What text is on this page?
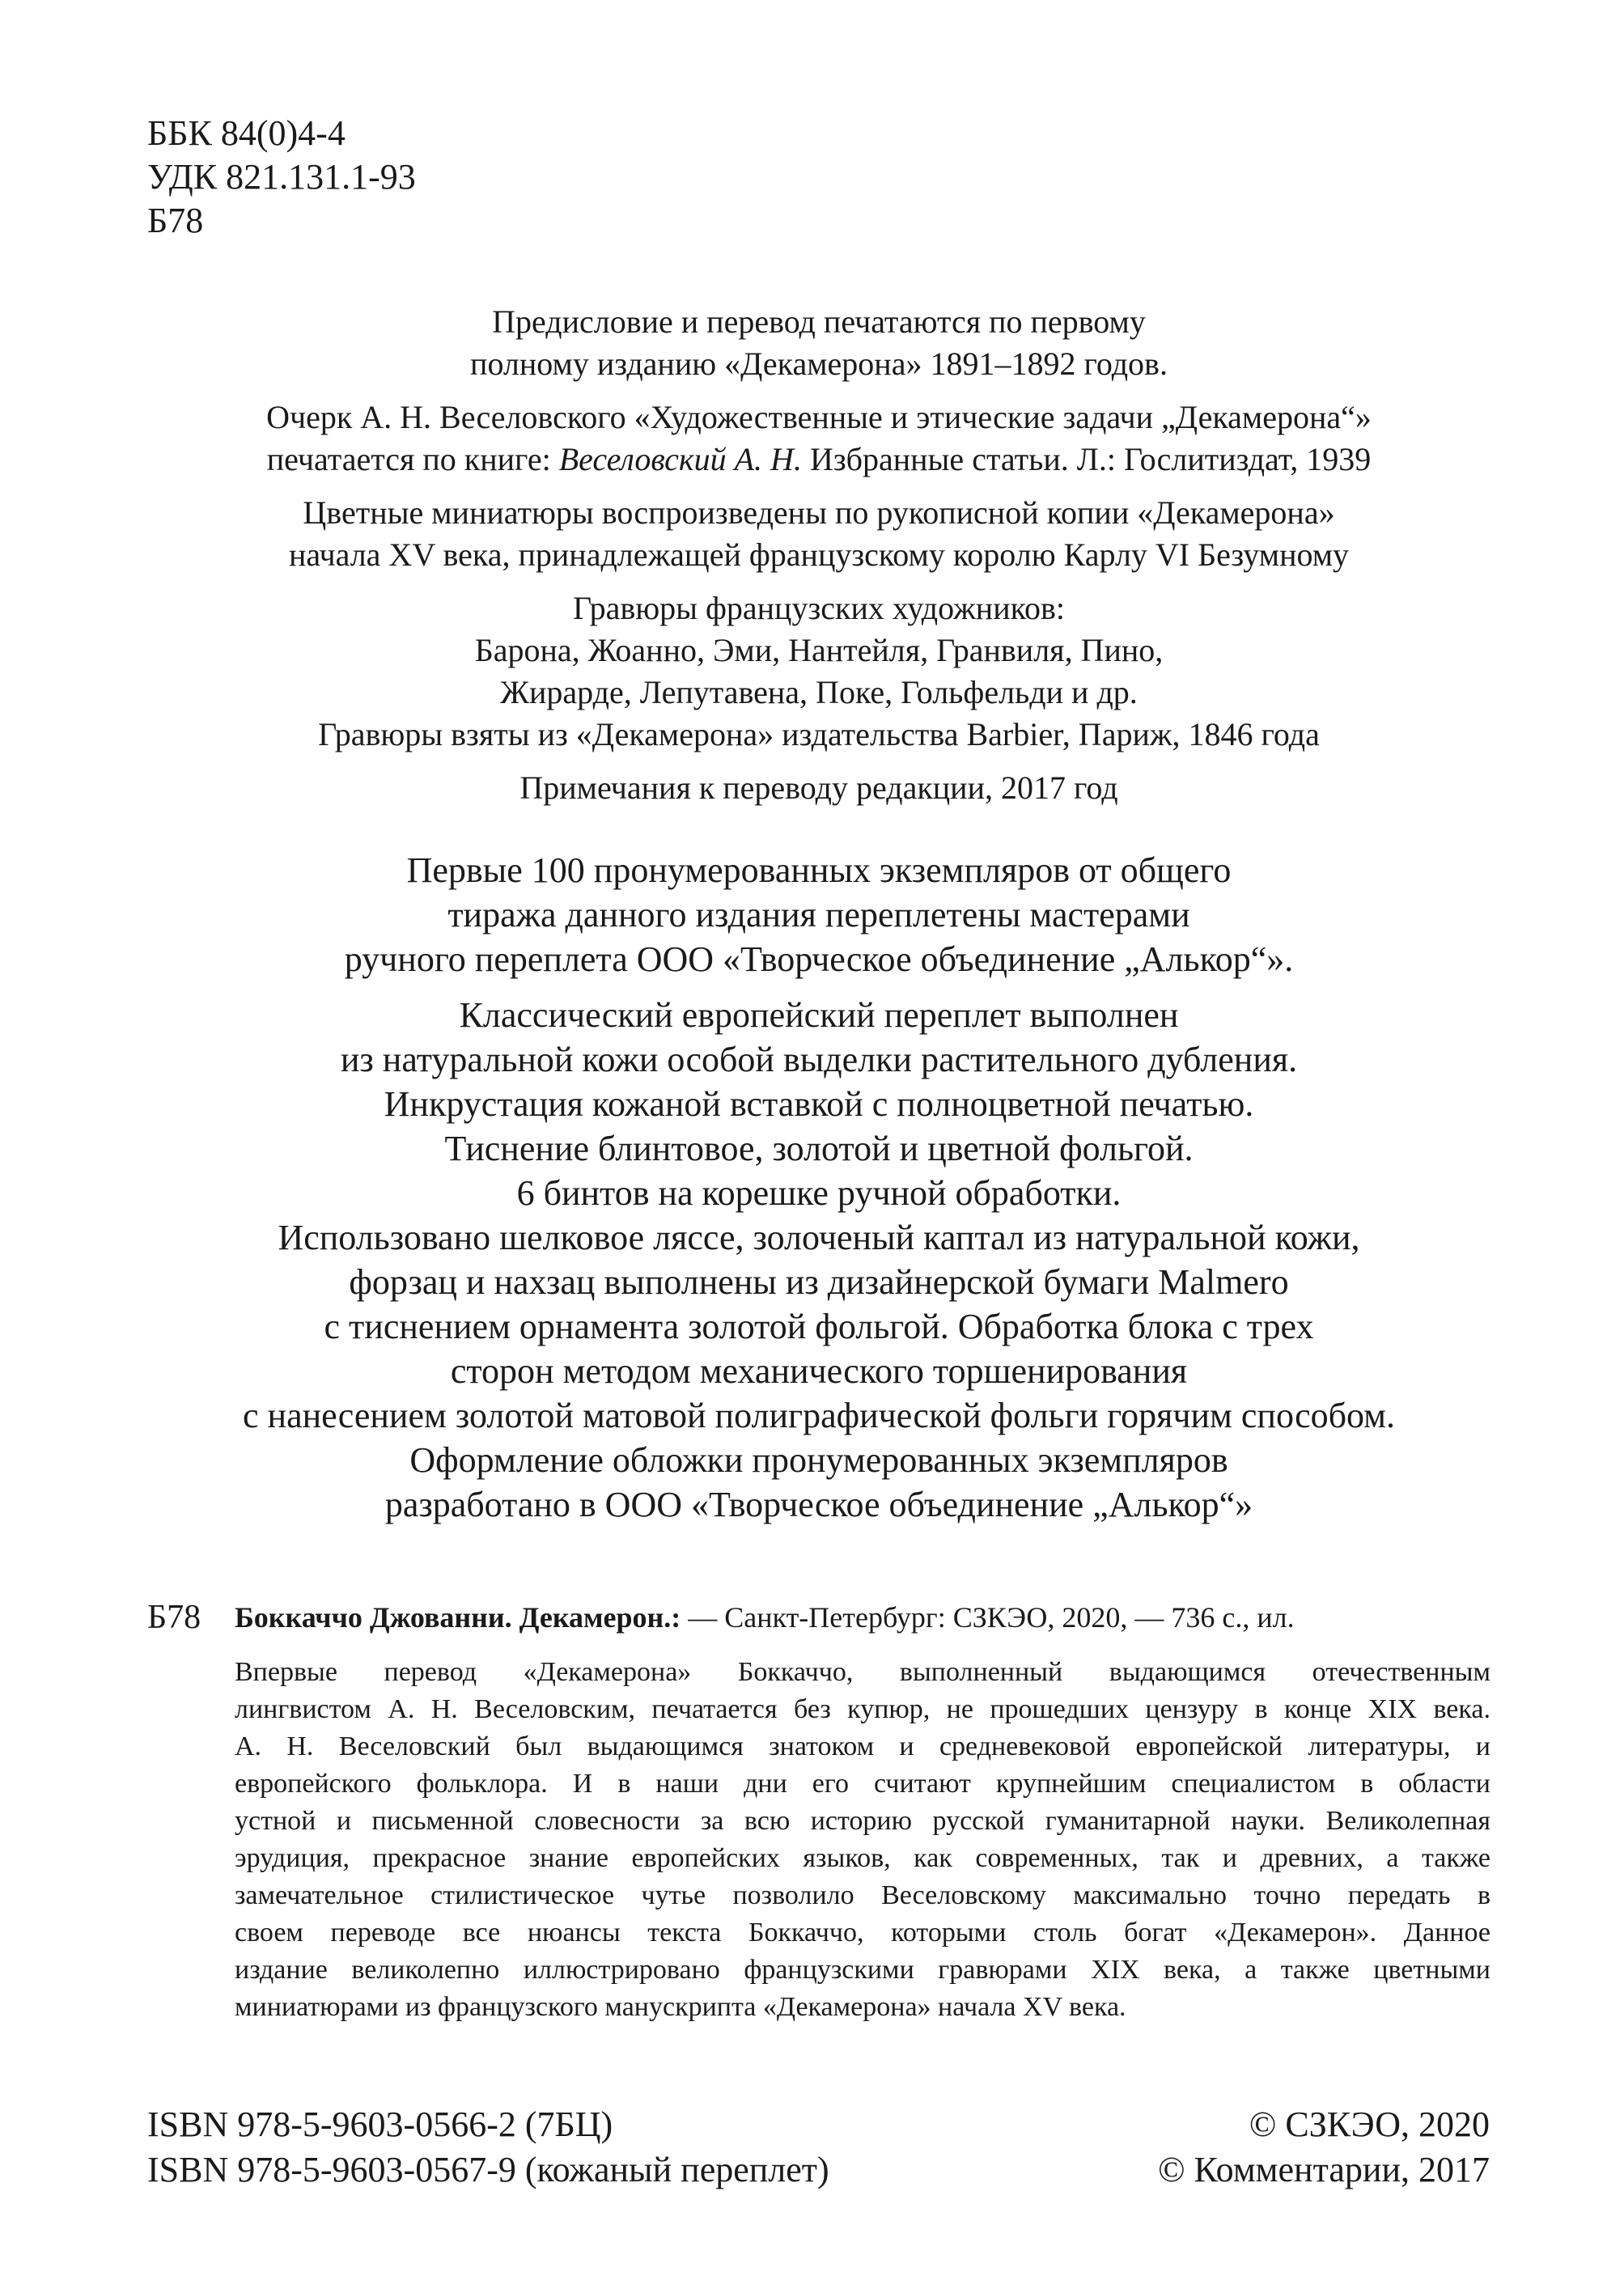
ББК 84(0)4-4
УДК 821.131.1-93
Б78
Предисловие и перевод печатаются по первому
полному изданию «Декамерона» 1891–1892 годов.
Очерк А. Н. Веселовского «Художественные и этические задачи „Декамерона“»
печатается по книге: Веселовский А. Н. Избранные статьи. Л.: Гослитиздат, 1939
Цветные миниатюры воспроизведены по рукописной копии «Декамерона»
начала XV века, принадлежащей французскому королю Карлу VI Безумному
Гравюры французских художников:
Барона, Жоанно, Эми, Нантейля, Гранвиля, Пино,
Жирарде, Лепутавена, Поке, Гольфельди и др.
Гравюры взяты из «Декамерона» издательства Barbier, Париж, 1846 года
Примечания к переводу редакции, 2017 год
Первые 100 пронумерованных экземпляров от общего
тиража данного издания переплетены мастерами
ручного переплета ООО «Творческое объединение „Алькор“».
Классический европейский переплет выполнен
из натуральной кожи особой выделки растительного дубления.
Инкрустация кожаной вставкой с полноцветной печатью.
Тиснение блинтовое, золотой и цветной фольгой.
6 бинтов на корешке ручной обработки.
Использовано шелковое ляссе, золоченый каптал из натуральной кожи,
форзац и нахзац выполнены из дизайнерской бумаги Malmero
с тиснением орнамента золотой фольгой. Обработка блока с трех
сторон методом механического торшенирования
с нанесением золотой матовой полиграфической фольги горячим способом.
Оформление обложки пронумерованных экземпляров
разработано в ООО «Творческое объединение „Алькор“»
Б78	Боккаччо Джованни. Декамерон.: — Санкт-Петербург: СЗКЭО, 2020, — 736 с., ил.
Впервые перевод «Декамерона» Боккаччо, выполненный выдающимся отечественным
лингвистом А. Н. Веселовским, печатается без купюр, не прошедших цензуру в конце XIX века.
А. Н. Веселовский был выдающимся знатоком и средневековой европейской литературы, и
европейского фольклора. И в наши дни его считают крупнейшим специалистом в области
устной и письменной словесности за всю историю русской гуманитарной науки. Великолепная
эрудиция, прекрасное знание европейских языков, как современных, так и древних, а также
замечательное стилистическое чутье позволило Веселовскому максимально точно передать в
своем переводе все нюансы текста Боккаччо, которыми столь богат «Декамерон». Данное
издание великолепно иллюстрировано французскими гравюрами XIX века, а также цветными
миниатюрами из французского манускрипта «Декамерона» начала XV века.
ISBN 978-5-9603-0566-2 (7БЦ)
ISBN 978-5-9603-0567-9 (кожаный переплет)
© СЗКЭО, 2020
© Комментарии, 2017
